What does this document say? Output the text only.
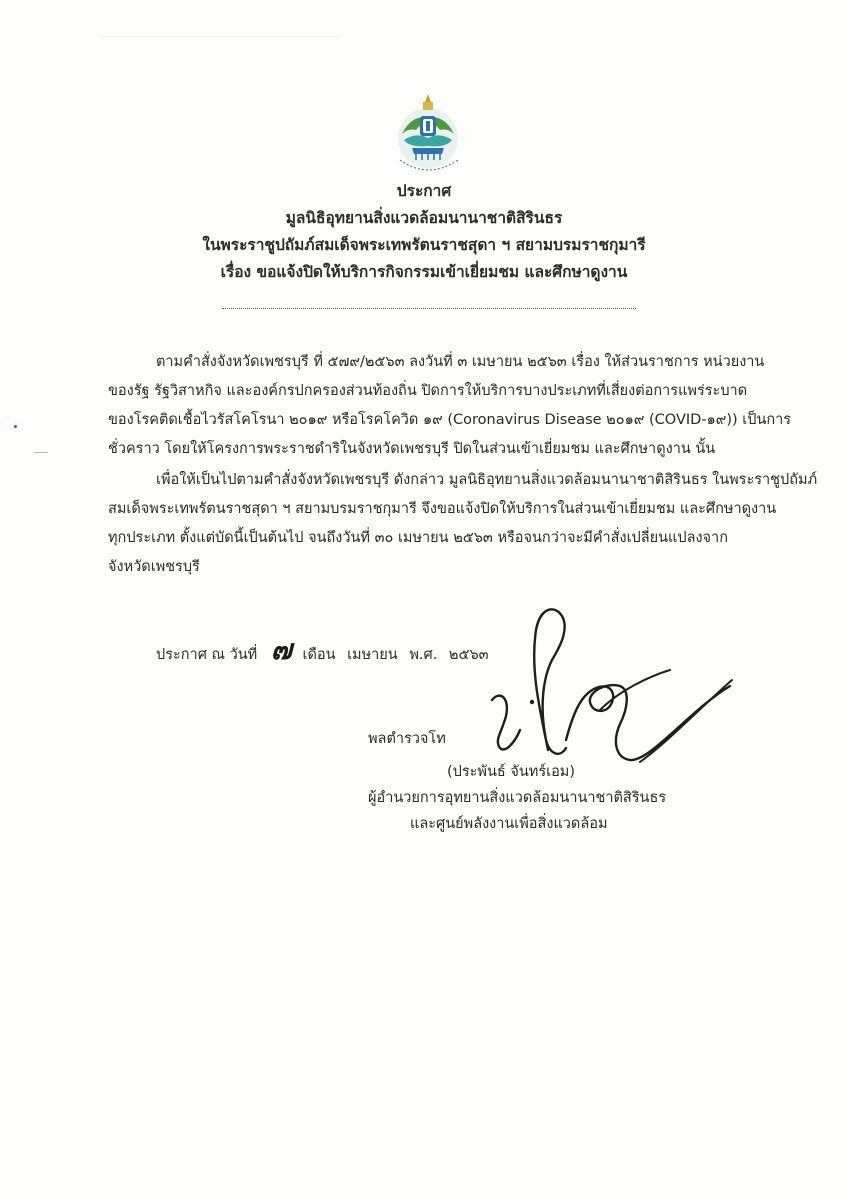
ประกาศ
มูลนิธิอุทยานสิ่งแวดล้อมนานาชาติสิรินธร
ในพระราชูปถัมภ์สมเด็จพระเทพรัตนราชสุดา ฯ สยามบรมราชกุมารี
เรื่อง ขอแจ้งปิดให้บริการกิจกรรมเข้าเยี่ยมชม และศึกษาดูงาน
ตามคำสั่งจังหวัดเพชรบุรี ที่ ๕๗๙/๒๕๖๓ ลงวันที่ ๓ เมษายน ๒๕๖๓ เรื่อง ให้ส่วนราชการ หน่วยงาน
ของรัฐ รัฐวิสาหกิจ และองค์กรปกครองส่วนท้องถิ่น ปิดการให้บริการบางประเภทที่เสี่ยงต่อการแพร่ระบาด
ของโรคติดเชื้อไวรัสโคโรนา ๒๐๑๙ หรือโรคโควิด ๑๙ (Coronavirus Disease ๒๐๑๙ (COVID-๑๙)) เป็นการ
ชั่วคราว โดยให้โครงการพระราชดำริในจังหวัดเพชรบุรี ปิดในส่วนเข้าเยี่ยมชม และศึกษาดูงาน นั้น
เพื่อให้เป็นไปตามคำสั่งจังหวัดเพชรบุรี ดังกล่าว มูลนิธิอุทยานสิ่งแวดล้อมนานาชาติสิรินธร ในพระราชูปถัมภ์
สมเด็จพระเทพรัตนราชสุดา ฯ สยามบรมราชกุมารี จึงขอแจ้งปิดให้บริการในส่วนเข้าเยี่ยมชม และศึกษาดูงาน
ทุกประเภท ตั้งแต่บัดนี้เป็นต้นไป จนถึงวันที่ ๓๐ เมษายน ๒๕๖๓ หรือจนกว่าจะมีคำสั่งเปลี่ยนแปลงจาก
จังหวัดเพชรบุรี
ประกาศ ณ วันที่ ๗ เดือน เมษายน พ.ศ. ๒๕๖๓
พลตำรวจโท
(ประพันธ์ จันทร์เอม)
ผู้อำนวยการอุทยานสิ่งแวดล้อมนานาชาติสิรินธร
และศูนย์พลังงานเพื่อสิ่งแวดล้อม
